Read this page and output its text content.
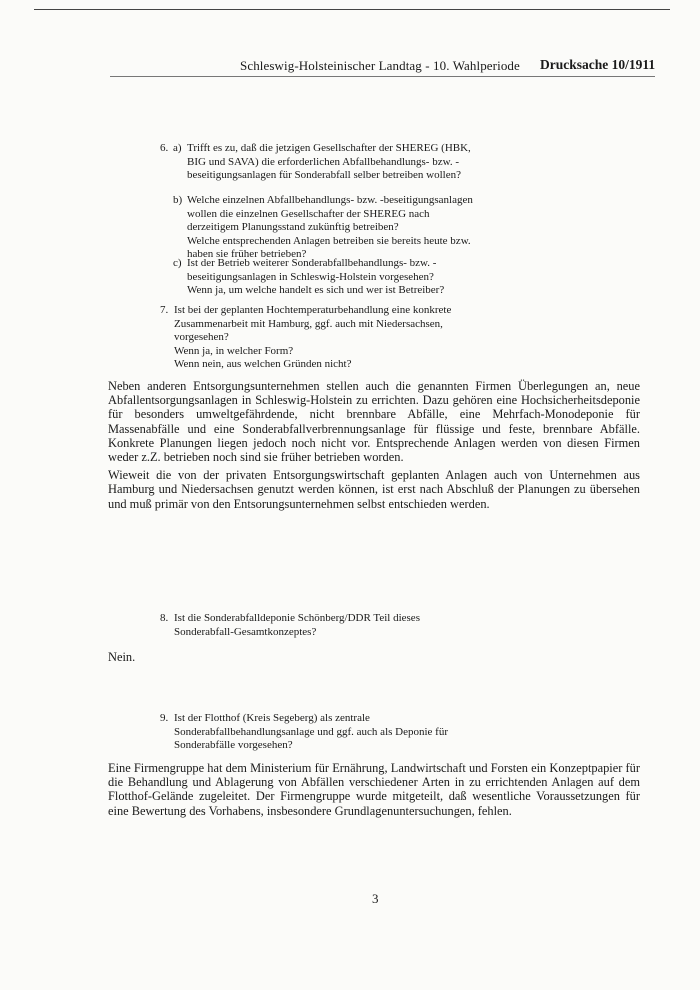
Schleswig-Holsteinischer Landtag - 10. Wahlperiode Drucksache 10/1911
6. a) Trifft es zu, daß die jetzigen Gesellschafter der SHEREG (HBK, BIG und SAVA) die erforderlichen Abfallbehandlungs- bzw. -beseitigungsanlagen für Sonderabfall selber betreiben wollen?

b) Welche einzelnen Abfallbehandlungs- bzw. -beseitigungsanlagen wollen die einzelnen Gesellschafter der SHEREG nach derzeitigem Planungsstand zukünftig betreiben?

Welche entsprechenden Anlagen betreiben sie bereits heute bzw. haben sie früher betrieben?

c) Ist der Betrieb weiterer Sonderabfallbehandlungs- bzw. -beseitigungsanlagen in Schleswig-Holstein vorgesehen?

Wenn ja, um welche handelt es sich und wer ist Betreiber?

7. Ist bei der geplanten Hochtemperaturbehandlung eine konkrete Zusammenarbeit mit Hamburg, ggf. auch mit Niedersachsen, vorgesehen?

Wenn ja, in welcher Form?

Wenn nein, aus welchen Gründen nicht?

Neben anderen Entsorgungsunternehmen stellen auch die genannten Firmen Überlegungen an, neue Abfallentsorgungsanlagen in Schleswig-Holstein zu errichten. Dazu gehören eine Hochsicherheitsdeponie für besonders umweltgefährdende, nicht brennbare Abfälle, eine Mehrfach-Monodeponie für Massenabfälle und eine Sonderabfallverbrennungsanlage für flüssige und feste, brennbare Abfälle. Konkrete Planungen liegen jedoch noch nicht vor. Entsprechende Anlagen werden von diesen Firmen weder z.Z. betrieben noch sind sie früher betrieben worden.

Wieweit die von der privaten Entsorgungswirtschaft geplanten Anlagen auch von Unternehmen aus Hamburg und Niedersachsen genutzt werden können, ist erst nach Abschluß der Planungen zu übersehen und muß primär von den Entsorungsunternehmen selbst entschieden werden.

8. Ist die Sonderabfalldeponie Schönberg/DDR Teil dieses Sonderabfall-Gesamtkonzeptes?

Nein.
9. Ist der Flotthof (Kreis Segeberg) als zentrale Sonderabfallbehandlungsanlage und ggf. auch als Deponie für Sonderabfälle vorgesehen?

Eine Firmengruppe hat dem Ministerium für Ernährung, Landwirtschaft und Forsten ein Konzeptpapier für die Behandlung und Ablagerung von Abfällen verschiedener Arten in zu errichtenden Anlagen auf dem Flotthof-Gelände zugeleitet. Der Firmengruppe wurde mitgeteilt, daß wesentliche Voraussetzungen für eine Bewertung des Vorhabens, insbesondere Grundlagenuntersuchungen, fehlen.

3
